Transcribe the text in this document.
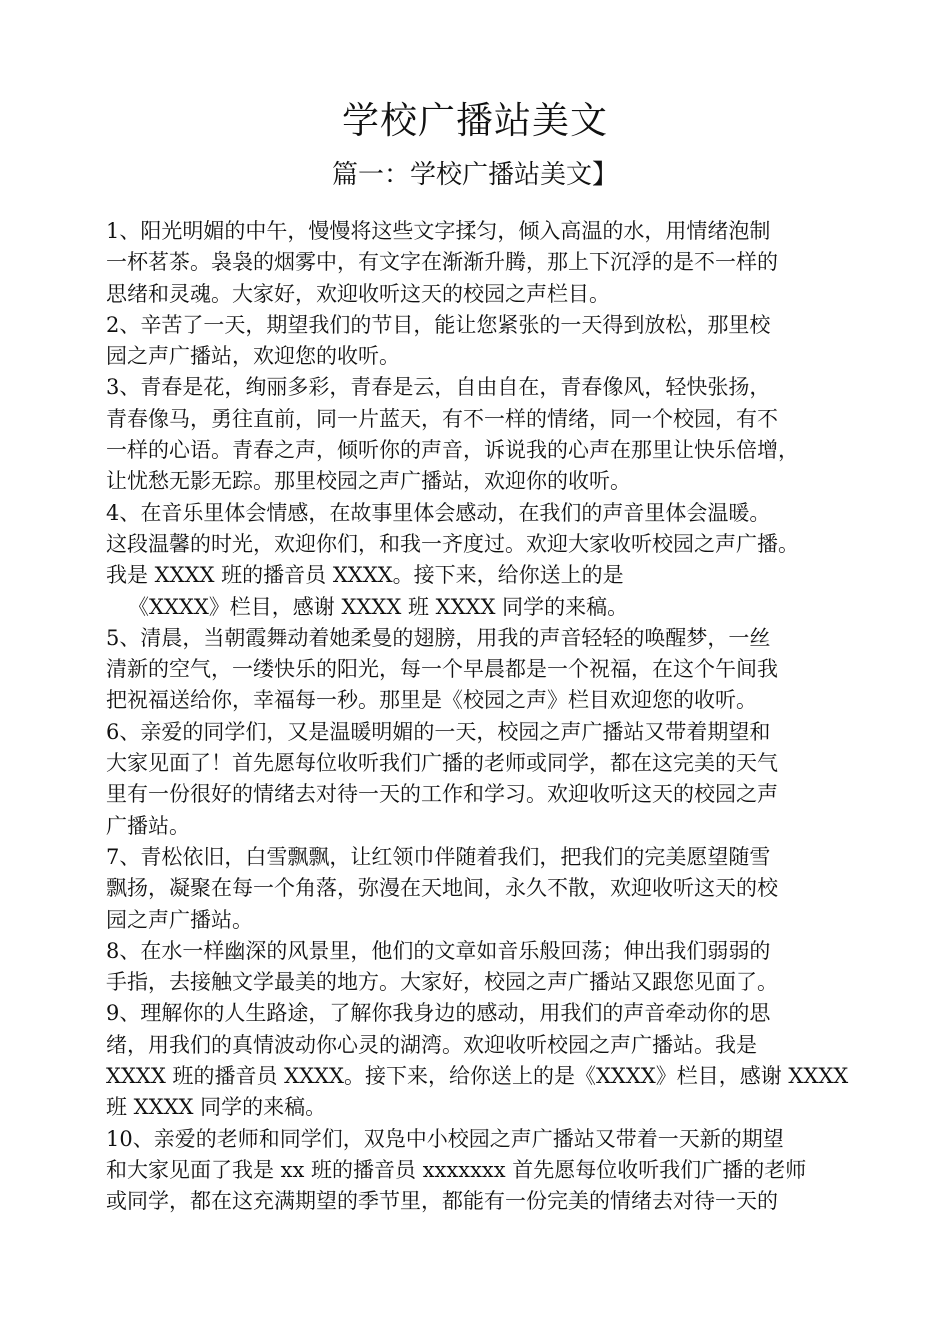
学校广播站美文
篇一：学校广播站美文】
1、阳光明媚的中午，慢慢将这些文字揉匀，倾入高温的水，用情绪泡制
一杯茗茶。袅袅的烟雾中，有文字在渐渐升腾，那上下沉浮的是不一样的
思绪和灵魂。大家好，欢迎收听这天的校园之声栏目。
2、辛苦了一天，期望我们的节目，能让您紧张的一天得到放松，那里校
园之声广播站，欢迎您的收听。
3、青春是花，绚丽多彩，青春是云，自由自在，青春像风，轻快张扬，
青春像马，勇往直前，同一片蓝天，有不一样的情绪，同一个校园，有不
一样的心语。青春之声，倾听你的声音，诉说我的心声在那里让快乐倍增，
让忧愁无影无踪。那里校园之声广播站，欢迎你的收听。
4、在音乐里体会情感，在故事里体会感动，在我们的声音里体会温暖。
这段温馨的时光，欢迎你们，和我一齐度过。欢迎大家收听校园之声广播。
我是 XXXX 班的播音员 XXXX。接下来，给你送上的是
《XXXX》栏目，感谢 XXXX 班 XXXX 同学的来稿。
5、清晨，当朝霞舞动着她柔曼的翅膀，用我的声音轻轻的唤醒梦，一丝
清新的空气，一缕快乐的阳光，每一个早晨都是一个祝福，在这个午间我
把祝福送给你，幸福每一秒。那里是《校园之声》栏目欢迎您的收听。
6、亲爱的同学们，又是温暖明媚的一天，校园之声广播站又带着期望和
大家见面了！首先愿每位收听我们广播的老师或同学，都在这完美的天气
里有一份很好的情绪去对待一天的工作和学习。欢迎收听这天的校园之声
广播站。
7、青松依旧，白雪飘飘，让红领巾伴随着我们，把我们的完美愿望随雪
飘扬，凝聚在每一个角落，弥漫在天地间，永久不散，欢迎收听这天的校
园之声广播站。
8、在水一样幽深的风景里，他们的文章如音乐般回荡；伸出我们弱弱的
手指，去接触文学最美的地方。大家好，校园之声广播站又跟您见面了。
9、理解你的人生路途，了解你我身边的感动，用我们的声音牵动你的思
绪，用我们的真情波动你心灵的湖湾。欢迎收听校园之声广播站。我是
XXXX 班的播音员 XXXX。接下来，给你送上的是《XXXX》栏目，感谢 XXXX
班 XXXX 同学的来稿。
10、亲爱的老师和同学们，双凫中小校园之声广播站又带着一天新的期望
和大家见面了我是 xx 班的播音员 xxxxxxx 首先愿每位收听我们广播的老师
或同学，都在这充满期望的季节里，都能有一份完美的情绪去对待一天的
